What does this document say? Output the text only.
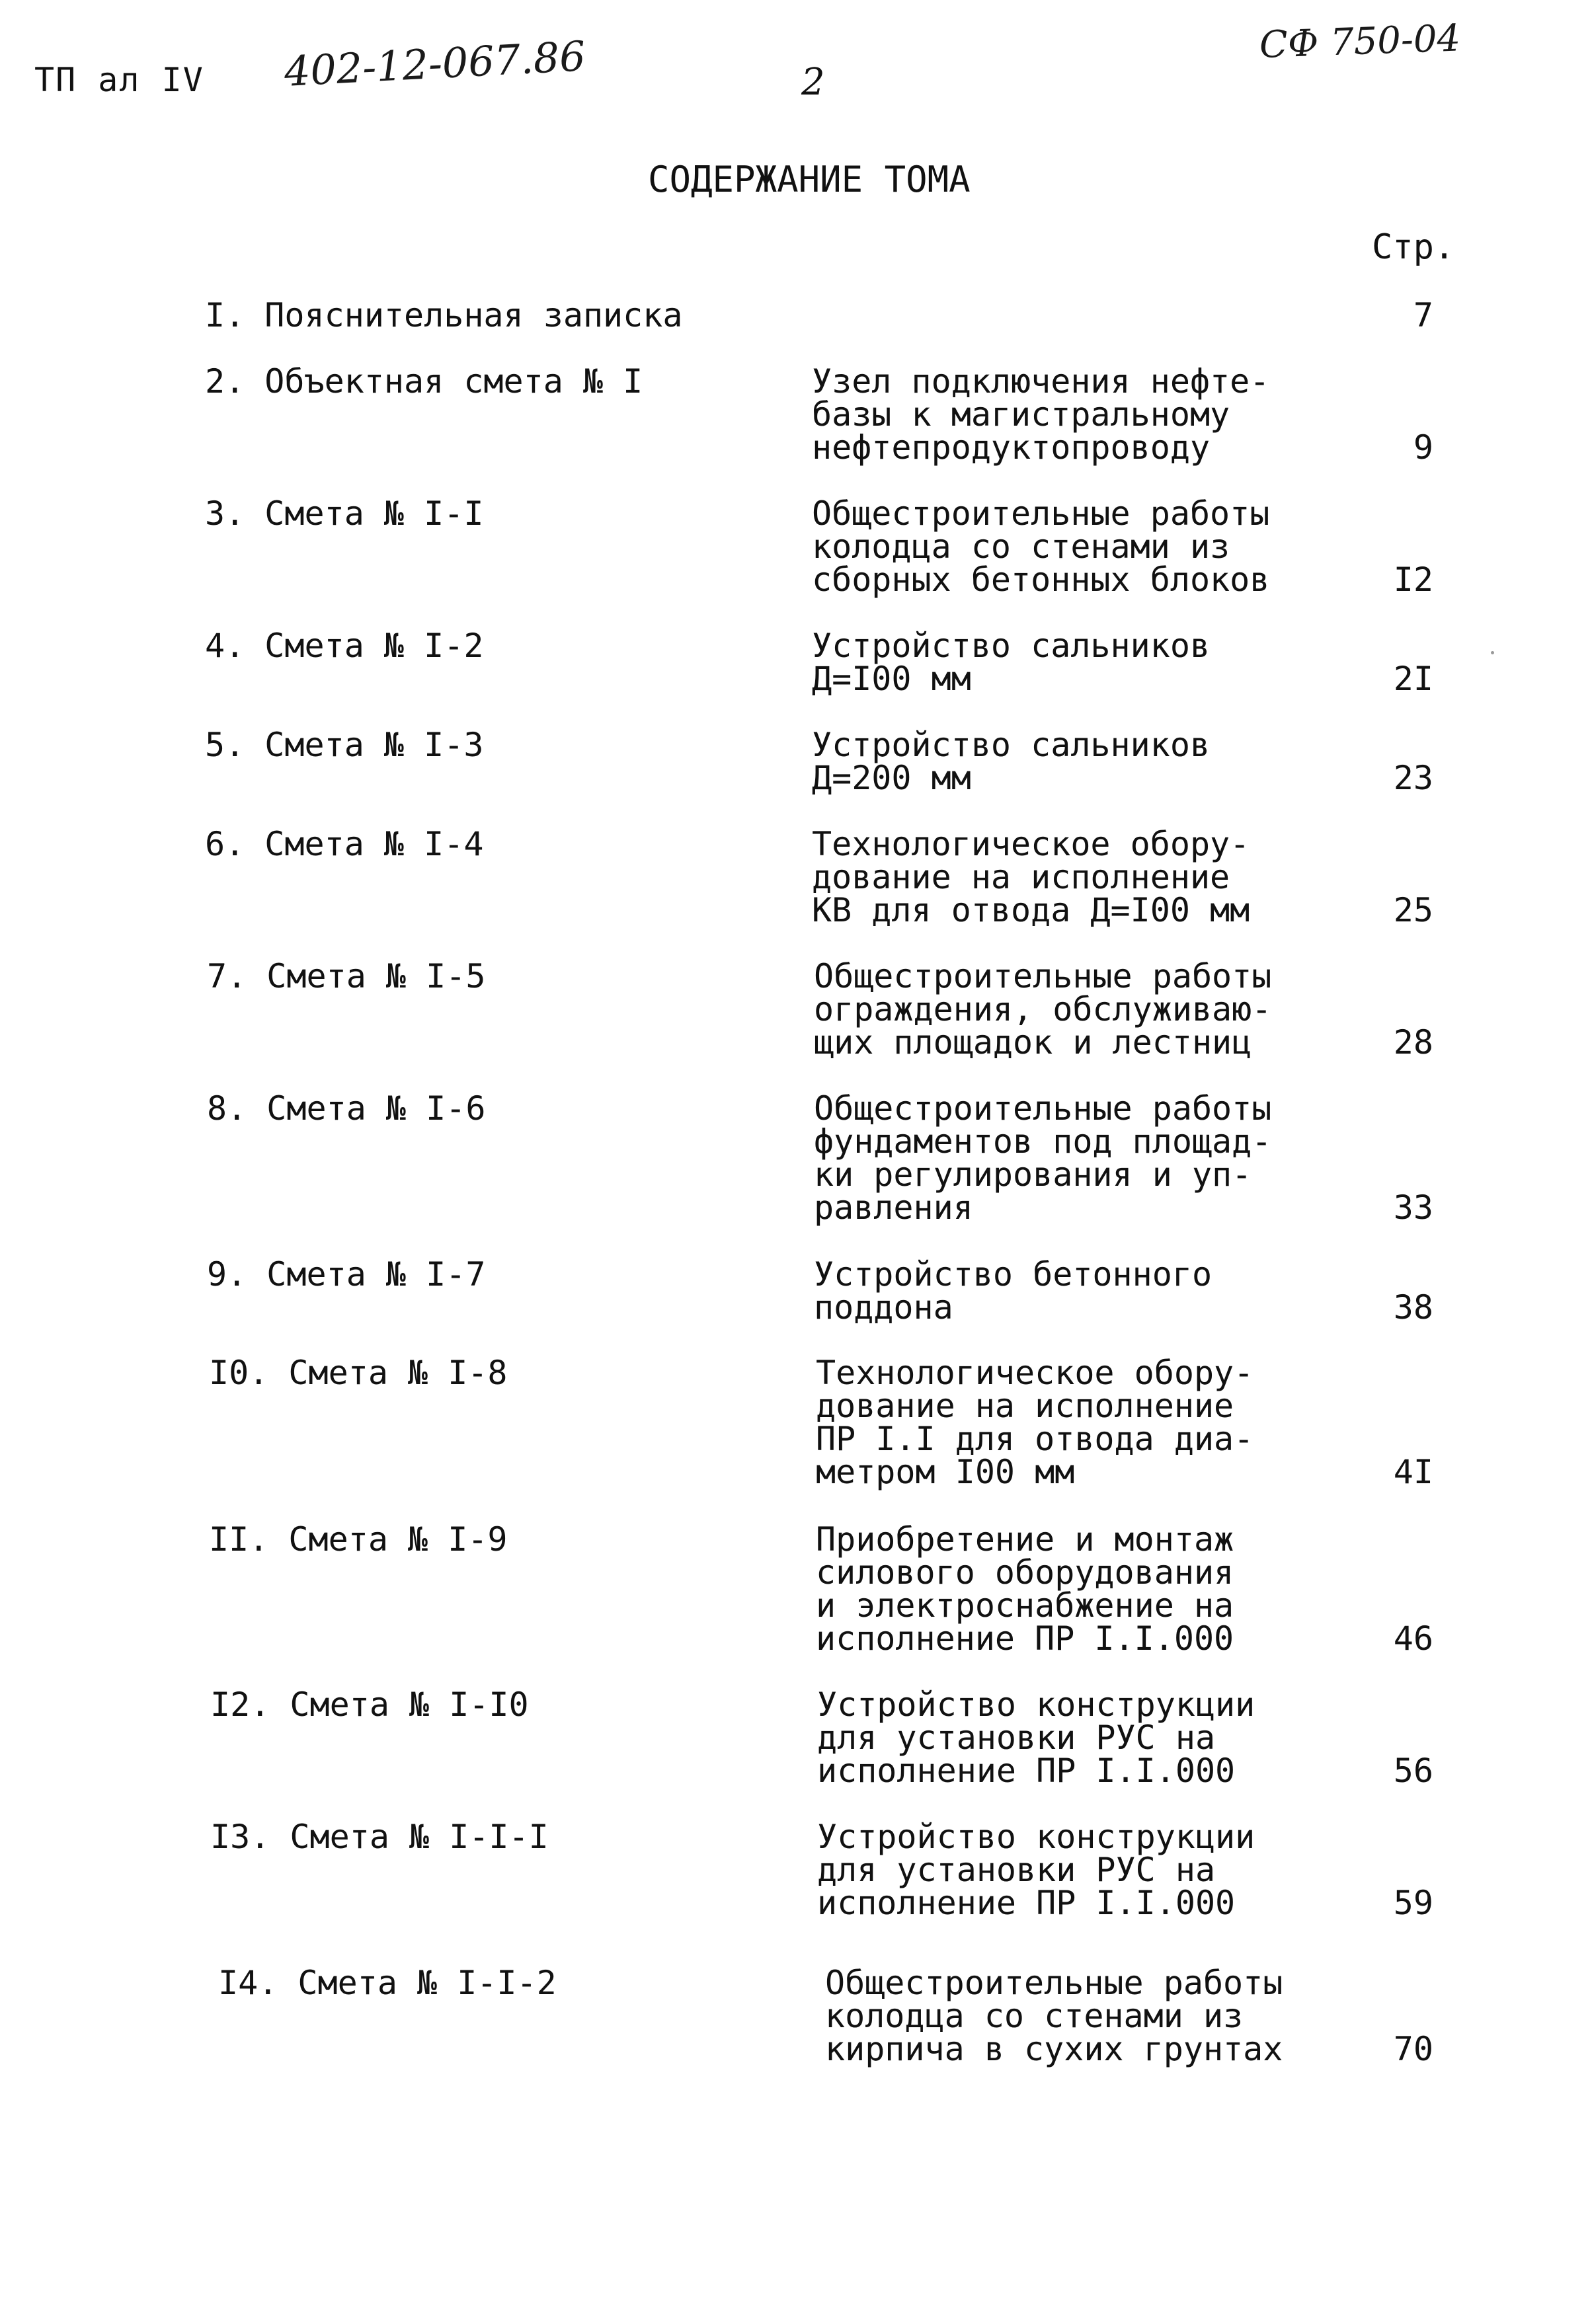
ТП ал IV 402-12-067.86	2
СФ 750-04
СОДЕРЖАНИЕ ТОМА
Стр.
I. Пояснительная записка	7
2. Объектная смета № I	Узел подключения нефте-
базы к магистральному
нефтепродуктопроводу	9
3. Смета № I-I	Общестроительные работы
колодца со стенами из
сборных бетонных блоков	I2
4. Смета № I-2	Устройство сальников
Д=I00 мм	2I
5. Смета № I-3	Устройство сальников
Д=200 мм	23
6. Смета № I-4	Технологическое обору-
дование на исполнение
КВ для отвода Д=I00 мм	25
7. Смета № I-5	Общестроительные работы
ограждения, обслуживаю-
щих площадок и лестниц	28
8. Смета № I-6	Общестроительные работы
фундаментов под площад-
ки регулирования и уп-
равления	33
9. Смета № I-7	Устройство бетонного
поддона	38
I0. Смета № I-8	Технологическое обору-
дование на исполнение
ПР I.I для отвода диа-
метром I00 мм	4I
II. Смета № I-9	Приобретение и монтаж
силового оборудования
и электроснабжение на
исполнение ПР I.I.000	46
I2. Смета № I-I0	Устройство конструкции
для установки РУС на
исполнение ПР I.I.000	56
I3. Смета № I-I-I	Устройство конструкции
для установки РУС на
исполнение ПР I.I.000	59
I4. Смета № I-I-2	Общестроительные работы
колодца со стенами из
кирпича в сухих грунтах	70
